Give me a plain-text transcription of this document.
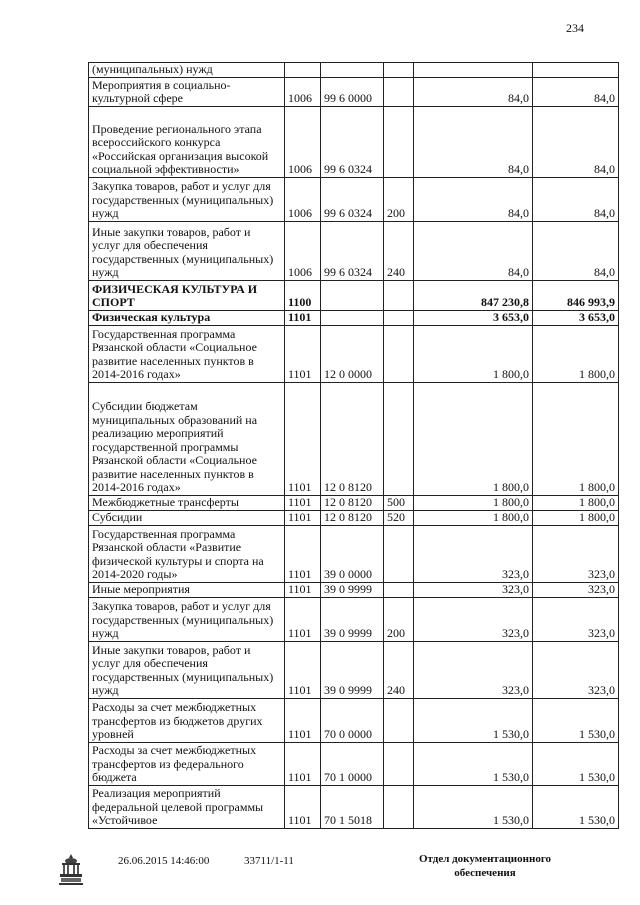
234
(муниципальных) нужд					
Мероприятия в социально-культурной сфере	1006	99 6 0000		84,0	84,0
Проведение регионального этапа всероссийского конкурса «Российская организация высокой социальной эффективности»	1006	99 6 0324		84,0	84,0
Закупка товаров, работ и услуг для государственных (муниципальных) нужд	1006	99 6 0324	200	84,0	84,0
Иные закупки товаров, работ и услуг для обеспечения государственных (муниципальных) нужд	1006	99 6 0324	240	84,0	84,0
ФИЗИЧЕСКАЯ КУЛЬТУРА И СПОРТ	1100			847 230,8	846 993,9
Физическая культура	1101			3 653,0	3 653,0
Государственная программа Рязанской области «Социальное развитие населенных пунктов в 2014-2016 годах»	1101	12 0 0000		1 800,0	1 800,0
Субсидии бюджетам муниципальных образований на реализацию мероприятий государственной программы Рязанской области «Социальное развитие населенных пунктов в 2014-2016 годах»	1101	12 0 8120		1 800,0	1 800,0
Межбюджетные трансферты	1101	12 0 8120	500	1 800,0	1 800,0
Субсидии	1101	12 0 8120	520	1 800,0	1 800,0
Государственная программа Рязанской области «Развитие физической культуры и спорта на 2014-2020 годы»	1101	39 0 0000		323,0	323,0
Иные мероприятия	1101	39 0 9999		323,0	323,0
Закупка товаров, работ и услуг для государственных (муниципальных) нужд	1101	39 0 9999	200	323,0	323,0
Иные закупки товаров, работ и услуг для обеспечения государственных (муниципальных) нужд	1101	39 0 9999	240	323,0	323,0
Расходы за счет межбюджетных трансфертов из бюджетов других уровней	1101	70 0 0000		1 530,0	1 530,0
Расходы за счет межбюджетных трансфертов из федерального бюджета	1101	70 1 0000		1 530,0	1 530,0
Реализация мероприятий федеральной целевой программы «Устойчивое	1101	70 1 5018		1 530,0	1 530,0
26.06.2015 14:46:00	33711/1-11	Отдел документационного
обеспечения
